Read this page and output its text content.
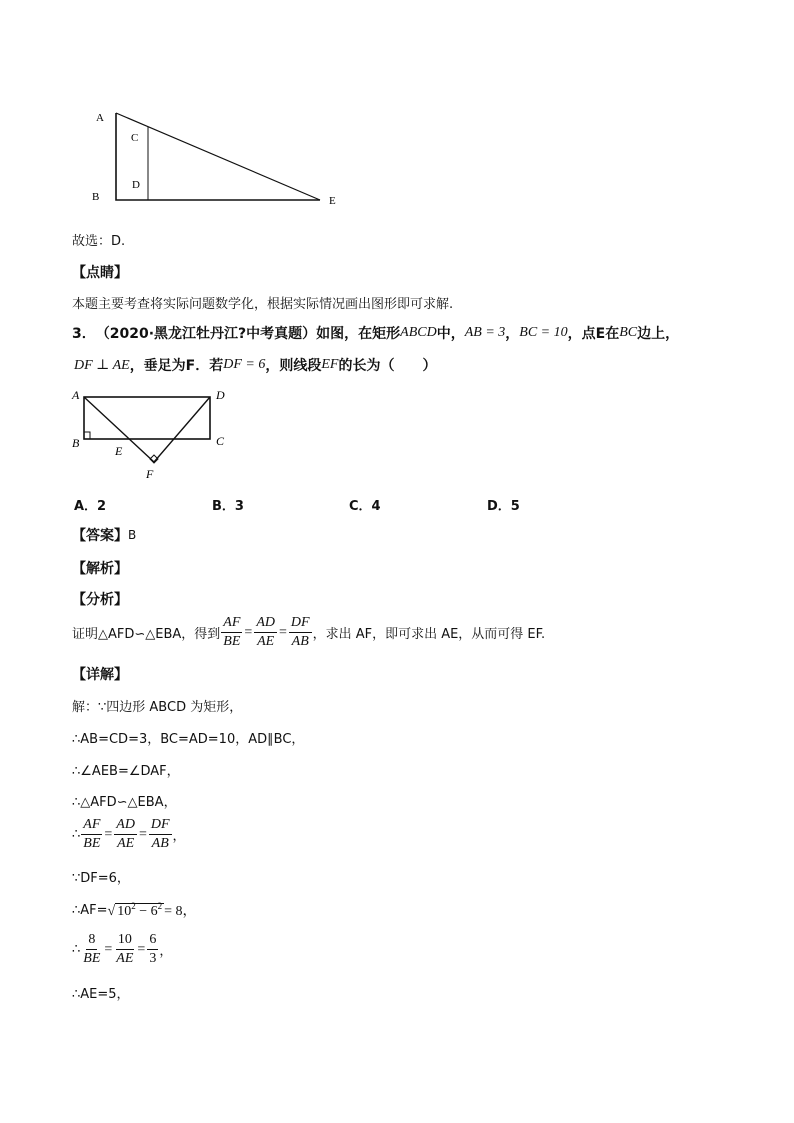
A
B
C
D
E
故选：D.
【点睛】
本题主要考查将实际问题数学化，根据实际情况画出图形即可求解.
3． （2020·黑龙江牡丹江?中考真题） 如图，在矩形 ABCD 中， AB = 3 ， BC = 10 ，点E在 BC 边上，
DF ⊥ AE ，垂足为F．若 DF = 6 ，则线段 EF 的长为（　　）
A	D
B	C
E
F
A．2	B．3	C．4	D．5
【答案】 B
【解析】
【分析】
证明△AFD∽△EBA，得到 $\frac{AF}{BE} = \frac{AD}{AE} = \frac{DF}{AB}$ ，求出 AF，即可求出 AE，从而可得 EF.
【详解】
解：∵四边形 ABCD 为矩形，
∴AB=CD=3，BC=AD=10，AD∥BC，
∴∠AEB=∠DAF，
∴△AFD∽△EBA，
∴ $\frac{AF}{BE} = \frac{AD}{AE} = \frac{DF}{AB}$ ，
∵DF=6，
∴AF= √ $10^2 - 6^2 = 8$，
∴ $\frac{8}{BE} = \frac{10}{AE} = \frac{6}{3}$ ，
∴AE=5，
